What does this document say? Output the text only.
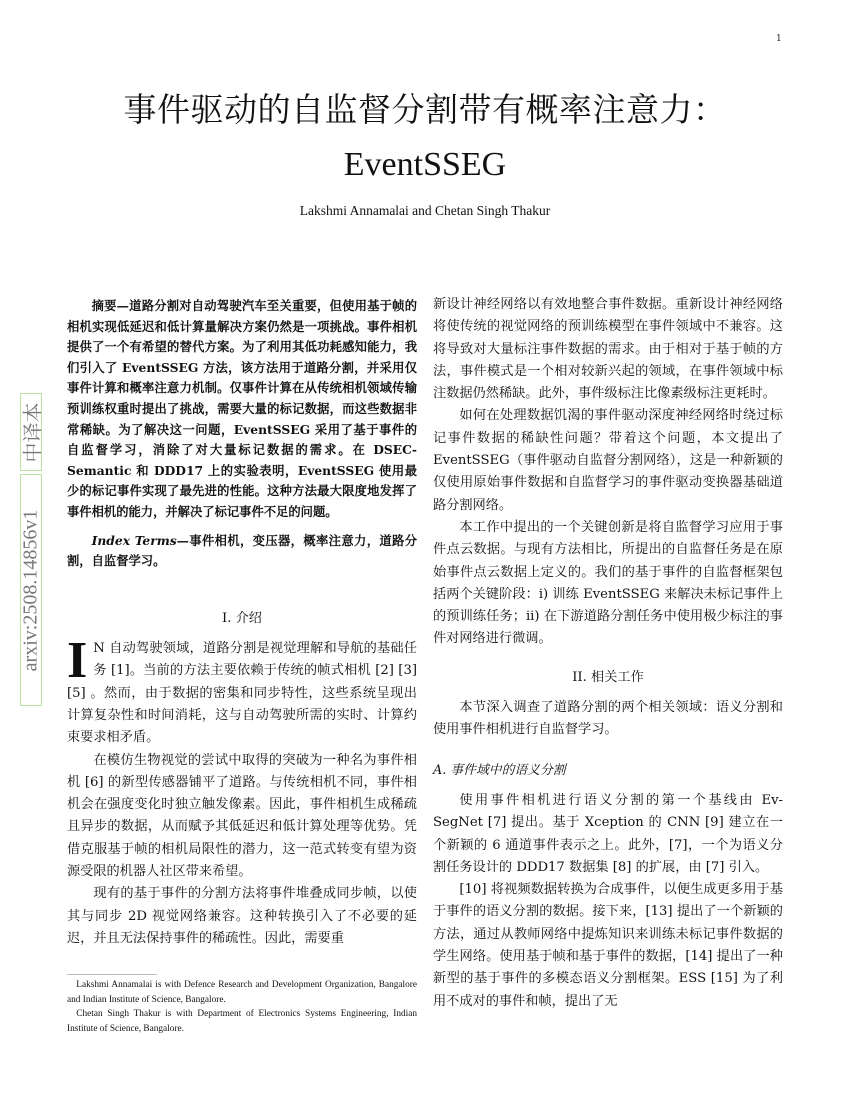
1
事件驱动的自监督分割带有概率注意力：
EventSSEG
Lakshmi Annamalai and Chetan Singh Thakur
中译本
arxiv:2508.14856v1

摘要—道路分割对自动驾驶汽车至关重要，但使用基于帧的相机实现低延迟和低计算量解决方案仍然是一项挑战。事件相机提供了一个有希望的替代方案。为了利用其低功耗感知能力，我们引入了 EventSSEG 方法，该方法用于道路分割，并采用仅事件计算和概率注意力机制。仅事件计算在从传统相机领域传输预训练权重时提出了挑战，需要大量的标记数据，而这些数据非常稀缺。为了解决这一问题，EventSSEG 采用了基于事件的自监督学习，消除了对大量标记数据的需求。在 DSEC-Semantic 和 DDD17 上的实验表明，EventSSEG 使用最少的标记事件实现了最先进的性能。这种方法最大限度地发挥了事件相机的能力，并解决了标记事件不足的问题。

Index Terms—事件相机，变压器，概率注意力，道路分割，自监督学习。

I. 介绍
I N 自动驾驶领域，道路分割是视觉理解和导航的基础任务 [1]。当前的方法主要依赖于传统的帧式相机 [2] [3] [5] 。然而，由于数据的密集和同步特性，这些系统呈现出计算复杂性和时间消耗，这与自动驾驶所需的实时、计算约束要求相矛盾。

在模仿生物视觉的尝试中取得的突破为一种名为事件相机 [6] 的新型传感器铺平了道路。与传统相机不同，事件相机会在强度变化时独立触发像素。因此，事件相机生成稀疏且异步的数据，从而赋予其低延迟和低计算处理等优势。凭借克服基于帧的相机局限性的潜力，这一范式转变有望为资源受限的机器人社区带来希望。

现有的基于事件的分割方法将事件堆叠成同步帧，以使其与同步 2D 视觉网络兼容。这种转换引入了不必要的延迟，并且无法保持事件的稀疏性。因此，需要重

新设计神经网络以有效地整合事件数据。重新设计神经网络将使传统的视觉网络的预训练模型在事件领域中不兼容。这将导致对大量标注事件数据的需求。由于相对于基于帧的方法，事件模式是一个相对较新兴起的领域，在事件领域中标注数据仍然稀缺。此外，事件级标注比像素级标注更耗时。

如何在处理数据饥渴的事件驱动深度神经网络时绕过标记事件数据的稀缺性问题？带着这个问题，本文提出了 EventSSEG（事件驱动自监督分割网络），这是一种新颖的仅使用原始事件数据和自监督学习的事件驱动变换器基础道路分割网络。

本工作中提出的一个关键创新是将自监督学习应用于事件点云数据。与现有方法相比，所提出的自监督任务是在原始事件点云数据上定义的。我们的基于事件的自监督框架包括两个关键阶段：i) 训练 EventSSEG 来解决未标记事件上的预训练任务；ii) 在下游道路分割任务中使用极少标注的事件对网络进行微调。

II. 相关工作

本节深入调查了道路分割的两个相关领域：语义分割和使用事件相机进行自监督学习。

A. 事件域中的语义分割

使用事件相机进行语义分割的第一个基线由 Ev-SegNet [7] 提出。基于 Xception 的 CNN [9] 建立在一个新颖的 6 通道事件表示之上。此外，[7]，一个为语义分割任务设计的 DDD17 数据集 [8] 的扩展，由 [7] 引入。

[10] 将视频数据转换为合成事件，以便生成更多用于基于事件的语义分割的数据。接下来，[13] 提出了一个新颖的方法，通过从教师网络中提炼知识来训练未标记事件数据的学生网络。使用基于帧和基于事件的数据，[14] 提出了一种新型的基于事件的多模态语义分割框架。ESS [15] 为了利用不成对的事件和帧，提出了无

Lakshmi Annamalai is with Defence Research and Development Organization, Bangalore and Indian Institute of Science, Bangalore.

Chetan Singh Thakur is with Department of Electronics Systems Engineering, Indian Institute of Science, Bangalore.
